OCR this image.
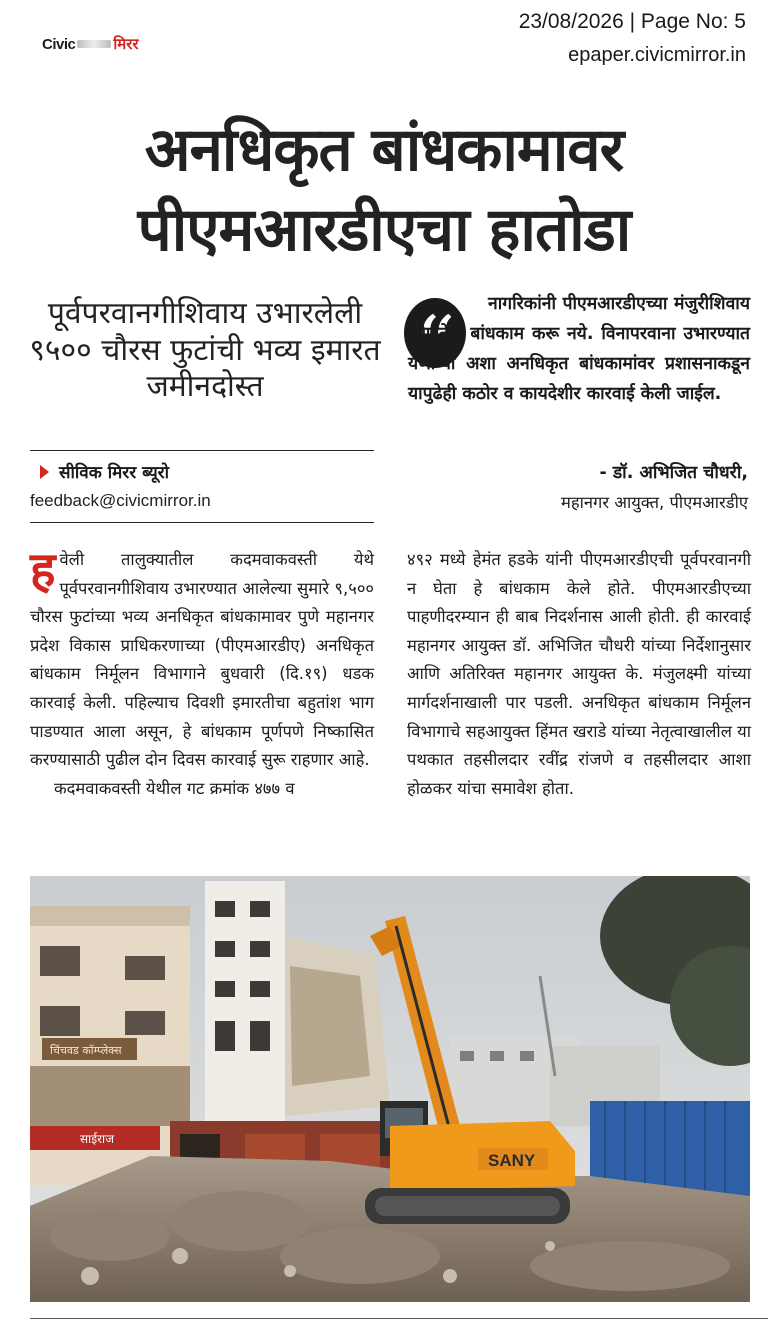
Civic	मिरर
23/08/2026 | Page No: 5
epaper.civicmirror.in
अनधिकृत बांधकामावर
पीएमआरडीएचा हातोडा
पूर्वपरवानगीशिवाय उभारलेली ९५०० चौरस फुटांची भव्य इमारत जमीनदोस्त
सीविक मिरर ब्यूरो
feedback@civicmirror.in
“	नागरिकांनी पीएमआरडीएच्या मंजुरीशिवाय कोणतेही बांधकाम करू नये. विनापरवाना उभारण्यात येणाऱ्या अशा अनधिकृत बांधकामांवर प्रशासनाकडून यापुढेही कठोर व कायदेशीर कारवाई केली जाईल.
- डॉ. अभिजित चौधरी,
महानगर आयुक्त, पीएमआरडीए
हवेली तालुक्यातील कदमवाकवस्ती येथे पूर्वपरवानगीशिवाय उभारण्यात आलेल्या सुमारे ९,५०० चौरस फुटांच्या भव्य अनधिकृत बांधकामावर पुणे महानगर प्रदेश विकास प्राधिकरणाच्या (पीएमआरडीए) अनधिकृत बांधकाम निर्मूलन विभागाने बुधवारी (दि.१९) धडक कारवाई केली. पहिल्याच दिवशी इमारतीचा बहुतांश भाग पाडण्यात आला असून, हे बांधकाम पूर्णपणे निष्कासित करण्यासाठी पुढील दोन दिवस कारवाई सुरू राहणार आहे.
कदमवाकवस्ती येथील गट क्रमांक ४७७ व
४९२ मध्ये हेमंत हडके यांनी पीएमआरडीएची पूर्वपरवानगी न घेता हे बांधकाम केले होते. पीएमआरडीएच्या पाहणीदरम्यान ही बाब निदर्शनास आली होती. ही कारवाई महानगर आयुक्त डॉ. अभिजित चौधरी यांच्या निर्देशानुसार आणि अतिरिक्त महानगर आयुक्त के. मंजुलक्ष्मी यांच्या मार्गदर्शनाखाली पार पडली. अनधिकृत बांधकाम निर्मूलन विभागाचे सहआयुक्त हिंमत खराडे यांच्या नेतृत्वाखालील या पथकात तहसीलदार रवींद्र रांजणे व तहसीलदार आशा होळकर यांचा समावेश होता.
चिंचवड कॉम्प्लेक्स
साईराज
SANY
